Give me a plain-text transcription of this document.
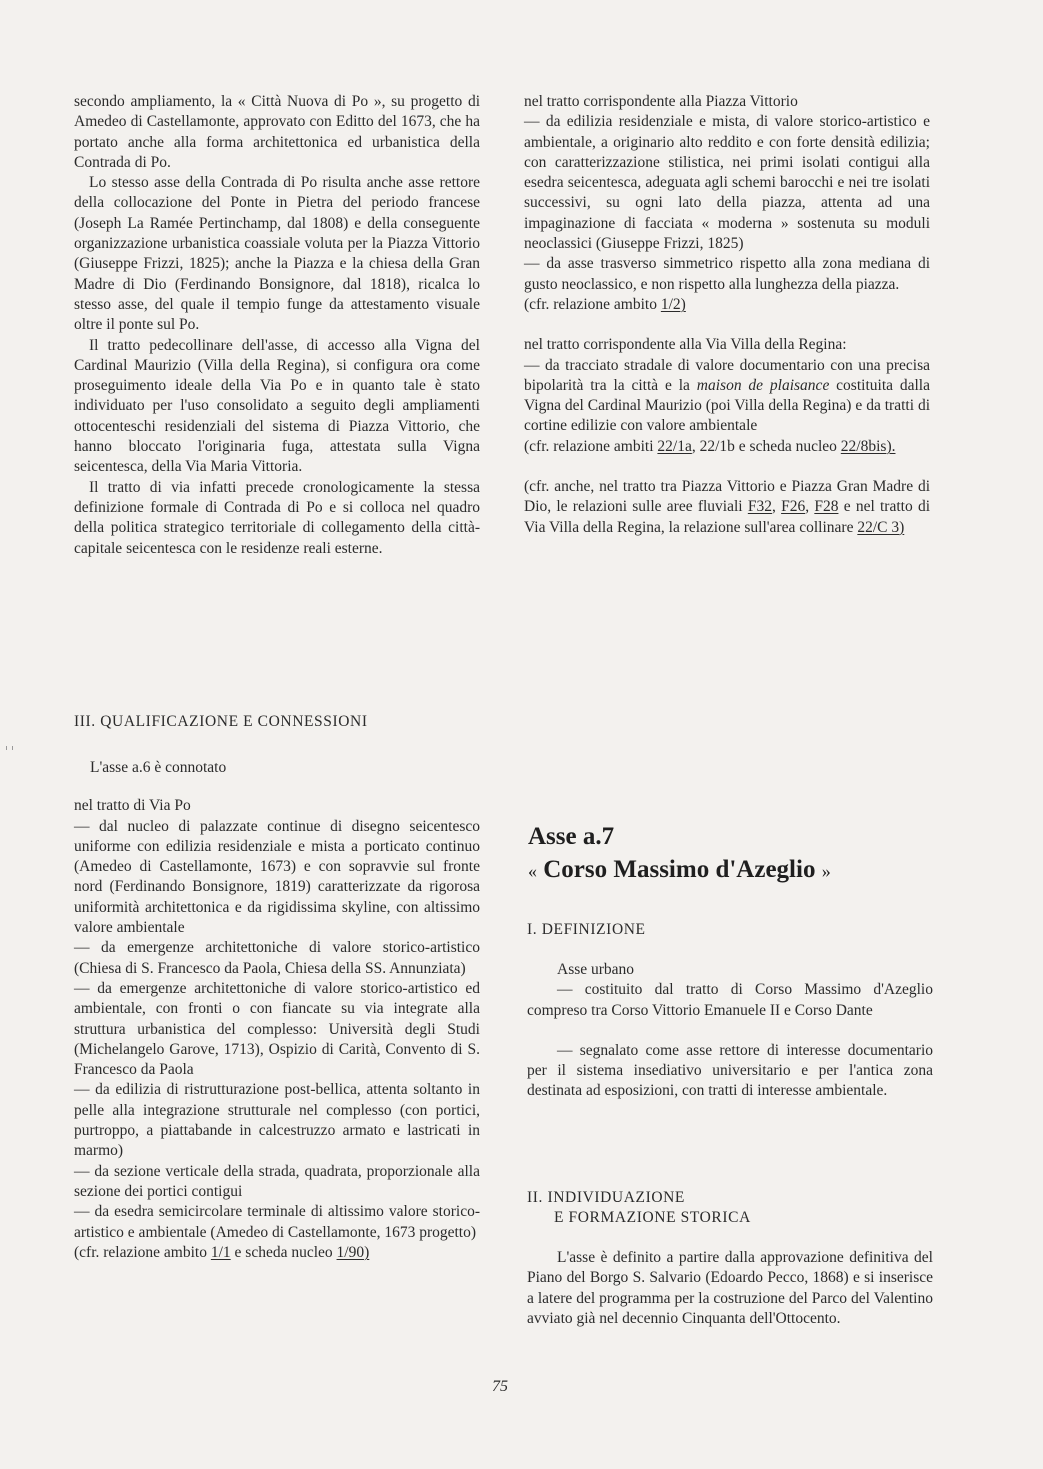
secondo ampliamento, la « Città Nuova di Po », su progetto di Amedeo di Castellamonte, approvato con Editto del 1673, che ha portato anche alla forma architettonica ed urbanistica della Contrada di Po.

Lo stesso asse della Contrada di Po risulta anche asse rettore della collocazione del Ponte in Pietra del periodo francese (Joseph La Ramée Pertinchamp, dal 1808) e della conseguente organizzazione urbanistica coassiale voluta per la Piazza Vittorio (Giuseppe Frizzi, 1825); anche la Piazza e la chiesa della Gran Madre di Dio (Ferdinando Bonsignore, dal 1818), ricalca lo stesso asse, del quale il tempio funge da attestamento visuale oltre il ponte sul Po.

Il tratto pedecollinare dell'asse, di accesso alla Vigna del Cardinal Maurizio (Villa della Regina), si configura ora come proseguimento ideale della Via Po e in quanto tale è stato individuato per l'uso consolidato a seguito degli ampliamenti ottocenteschi residenziali del sistema di Piazza Vittorio, che hanno bloccato l'originaria fuga, attestata sulla Vigna seicentesca, della Via Maria Vittoria.

Il tratto di via infatti precede cronologicamente la stessa definizione formale di Contrada di Po e si colloca nel quadro della politica strategico territoriale di collegamento della città-capitale seicentesca con le residenze reali esterne.

III. QUALIFICAZIONE E CONNESSIONI

L'asse a.6 è connotato

nel tratto di Via Po

— dal nucleo di palazzate continue di disegno seicentesco uniforme con edilizia residenziale e mista a porticato continuo (Amedeo di Castellamonte, 1673) e con sopravvie sul fronte nord (Ferdinando Bonsignore, 1819) caratterizzate da rigorosa uniformità architettonica e da rigidissima skyline, con altissimo valore ambientale

— da emergenze architettoniche di valore storico-artistico (Chiesa di S. Francesco da Paola, Chiesa della SS. Annunziata)

— da emergenze architettoniche di valore storico-artistico ed ambientale, con fronti o con fiancate su via integrate alla struttura urbanistica del complesso: Università degli Studi (Michelangelo Garove, 1713), Ospizio di Carità, Convento di S. Francesco da Paola

— da edilizia di ristrutturazione post-bellica, attenta soltanto in pelle alla integrazione strutturale nel complesso (con portici, purtroppo, a piattabande in calcestruzzo armato e lastricati in marmo)

— da sezione verticale della strada, quadrata, proporzionale alla sezione dei portici contigui

— da esedra semicircolare terminale di altissimo valore storico-artistico e ambientale (Amedeo di Castellamonte, 1673 progetto)

(cfr. relazione ambito 1/1 e scheda nucleo 1/90)

nel tratto corrispondente alla Piazza Vittorio

— da edilizia residenziale e mista, di valore storico-artistico e ambientale, a originario alto reddito e con forte densità edilizia; con caratterizzazione stilistica, nei primi isolati contigui alla esedra seicentesca, adeguata agli schemi barocchi e nei tre isolati successivi, su ogni lato della piazza, attenta ad una impaginazione di facciata « moderna » sostenuta su moduli neoclassici (Giuseppe Frizzi, 1825)

— da asse trasverso simmetrico rispetto alla zona mediana di gusto neoclassico, e non rispetto alla lunghezza della piazza.

(cfr. relazione ambito 1/2)

nel tratto corrispondente alla Via Villa della Regina:

— da tracciato stradale di valore documentario con una precisa bipolarità tra la città e la maison de plaisance costituita dalla Vigna del Cardinal Maurizio (poi Villa della Regina) e da tratti di cortine edilizie con valore ambientale

(cfr. relazione ambiti 22/1a, 22/1b e scheda nucleo 22/8bis).

(cfr. anche, nel tratto tra Piazza Vittorio e Piazza Gran Madre di Dio, le relazioni sulle aree fluviali F32, F26, F28 e nel tratto di Via Villa della Regina, la relazione sull'area collinare 22/C 3)

Asse a.7

« Corso Massimo d'Azeglio »

I. DEFINIZIONE

Asse urbano

— costituito dal tratto di Corso Massimo d'Azeglio compreso tra Corso Vittorio Emanuele II e Corso Dante

— segnalato come asse rettore di interesse documentario per il sistema insediativo universitario e per l'antica zona destinata ad esposizioni, con tratti di interesse ambientale.

II. INDIVIDUAZIONE

E FORMAZIONE STORICA

L'asse è definito a partire dalla approvazione definitiva del Piano del Borgo S. Salvario (Edoardo Pecco, 1868) e si inserisce a latere del programma per la costruzione del Parco del Valentino avviato già nel decennio Cinquanta dell'Ottocento.

75
